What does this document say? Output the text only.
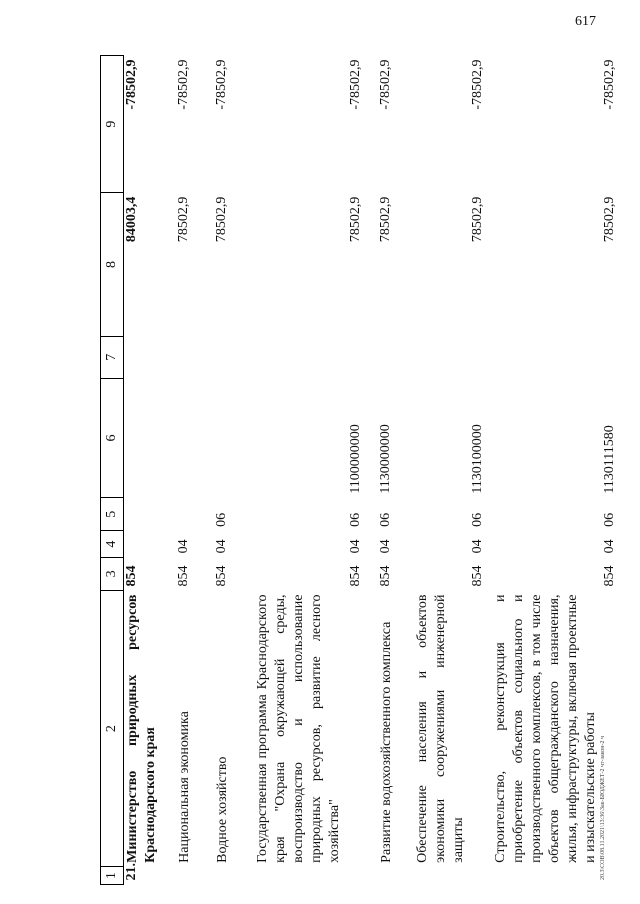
617
20.3\СОВ\08.11.2021\13:36\Зак-БЮДЖЕТ-2 чт-закон-2 ч
1	2	3	4	5	6	7	8	9
21.	Министерство природных ресурсов Краснодарского края	854					84003,4	-78502,9
	Национальная экономика	854	04				78502,9	-78502,9
	Водное хозяйство	854	04	06			78502,9	-78502,9
	Государственная программа Краснодарского края "Охрана окружающей среды, воспроизводство и использование природных ресурсов, развитие лесного хозяйства"	854	04	06	1100000000		78502,9	-78502,9
	Развитие водохозяйственного комплекса	854	04	06	1130000000		78502,9	-78502,9
	Обеспечение населения и объектов экономики сооружениями инженерной защиты	854	04	06	1130100000		78502,9	-78502,9
	Строительство, реконструкция и приобретение объектов социального и производственного комплексов, в том числе объектов общегражданского назначения, жилья, инфраструктуры, включая проектные и изыскательские работы	854	04	06	1130111580		78502,9	-78502,9
